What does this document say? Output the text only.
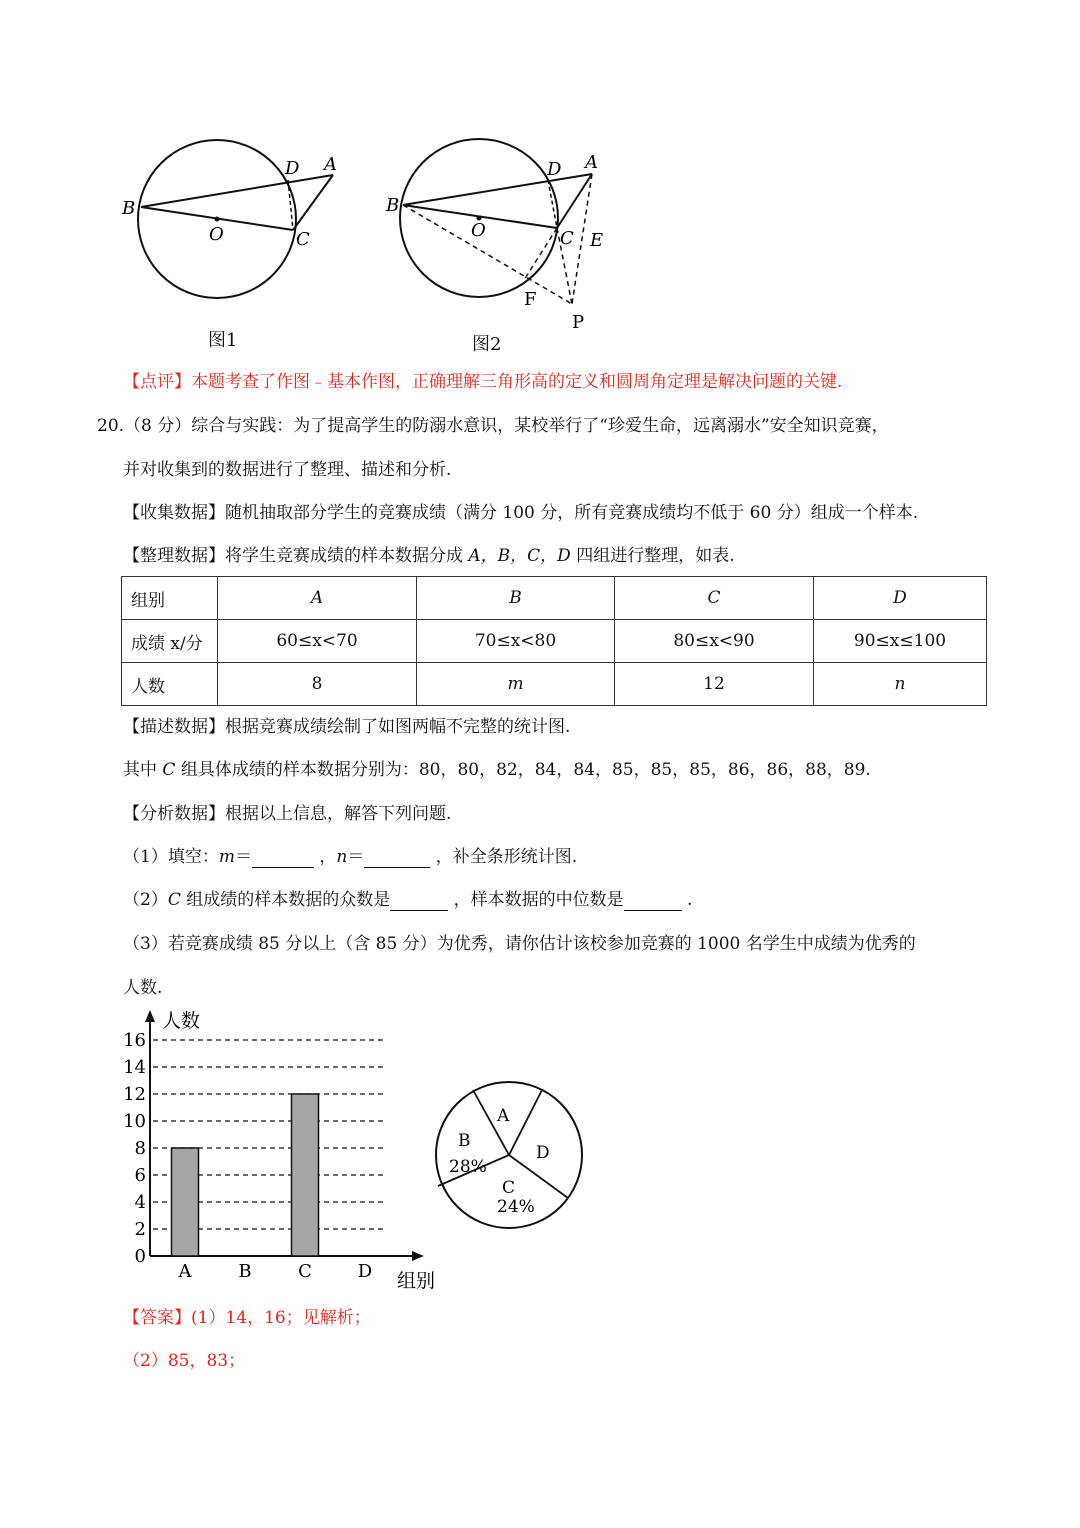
B
D A
O	C
图1
B
D A
O	C E
F
P
图2
【点评】本题考查了作图﹣基本作图，正确理解三角形高的定义和圆周角定理是解决问题的关键.
20.（8 分）综合与实践：为了提高学生的防溺水意识，某校举行了“珍爱生命，远离溺水”安全知识竞赛，
并对收集到的数据进行了整理、描述和分析.
【收集数据】随机抽取部分学生的竞赛成绩（满分 100 分，所有竞赛成绩均不低于 60 分）组成一个样本.
【整理数据】将学生竞赛成绩的样本数据分成 A，B，C，D 四组进行整理，如表.
组别	A	B	C	D
成绩 x/分	60≤x<70	70≤x<80	80≤x<90	90≤x≤100
人数	8	m	12	n
【描述数据】根据竞赛成绩绘制了如图两幅不完整的统计图.
其中 C 组具体成绩的样本数据分别为：80，80，82，84，84，85，85，85，86，86，88，89.
【分析数据】根据以上信息，解答下列问题.
（1）填空：m＝	，n＝	，补全条形统计图.
（2）C 组成绩的样本数据的众数是	，样本数据的中位数是	.
（3）若竞赛成绩 85 分以上（含 85 分）为优秀，请你估计该校参加竞赛的 1000 名学生中成绩为优秀的
人数.
人数
组别
0
2
4
6
8
10
12
14
16
A	B	C	D
A
B
28%
C
24%
D
【答案】(1）14，16；见解析；
（2）85，83；
